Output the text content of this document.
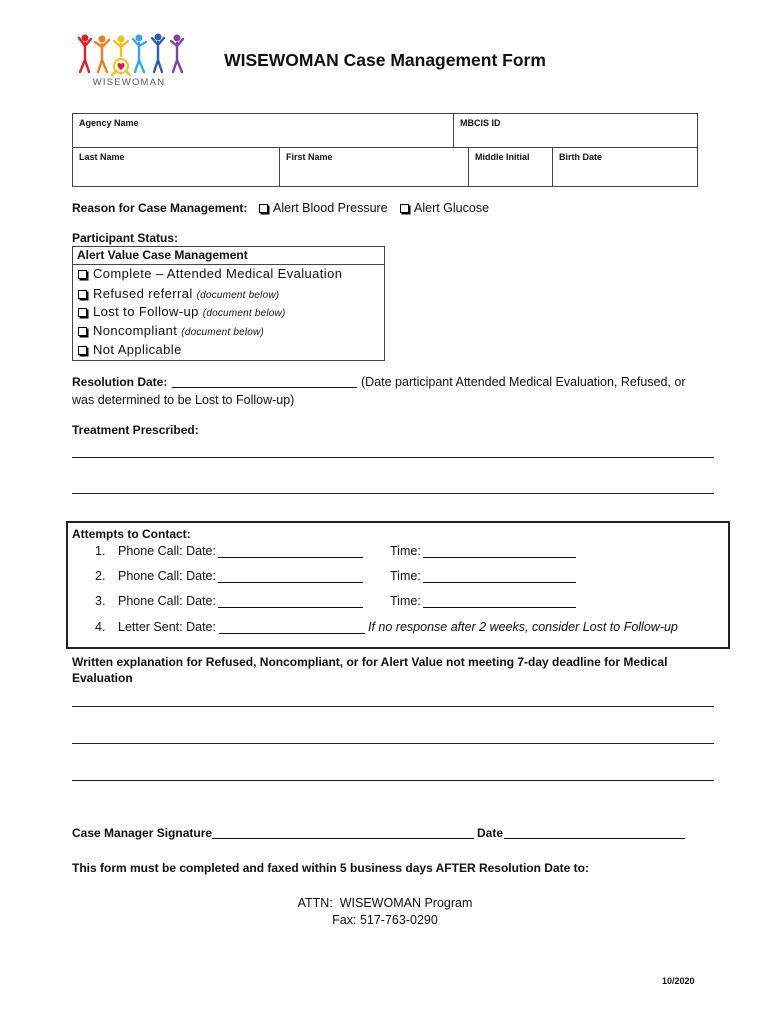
WISEWOMAN
WISEWOMAN Case Management Form
Agency Name	MBCIS ID
Last Name	First Name	Middle Initial	Birth Date
Reason for Case Management: Alert Blood Pressure Alert Glucose
Participant Status:
Alert Value Case Management
Complete – Attended Medical Evaluation
Refused referral (document below)
Lost to Follow-up (document below)
Noncompliant (document below)
Not Applicable
Resolution Date:	(Date participant Attended Medical Evaluation, Refused, or
was determined to be Lost to Follow-up)
Treatment Prescribed:
Attempts to Contact:
1. Phone Call: Date:	Time:
2. Phone Call: Date:	Time:
3. Phone Call: Date:	Time:
4. Letter Sent: Date:	If no response after 2 weeks, consider Lost to Follow-up
Written explanation for Refused, Noncompliant, or for Alert Value not meeting 7-day deadline for Medical
Evaluation
Case Manager Signature	Date
This form must be completed and faxed within 5 business days AFTER Resolution Date to:
ATTN:  WISEWOMAN Program
Fax: 517-763-0290
10/2020
